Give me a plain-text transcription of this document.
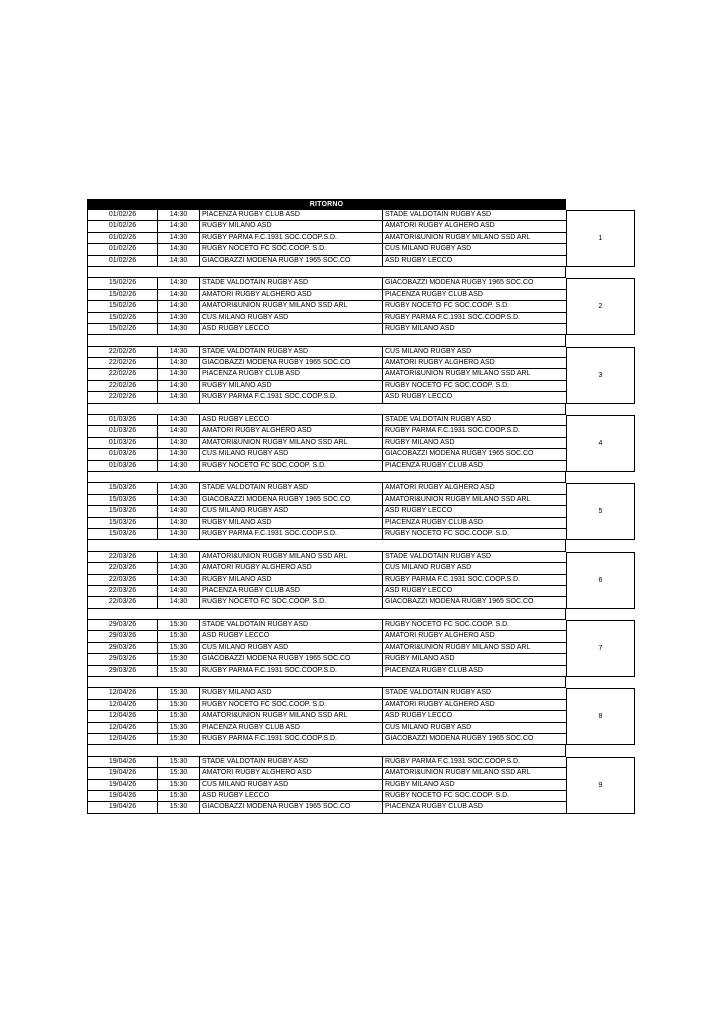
RITORNO
01/02/26	14:30	PIACENZA RUGBY CLUB ASD	STADE VALDOTAIN RUGBY ASD
01/02/26	14:30	RUGBY MILANO ASD	AMATORI RUGBY ALGHERO ASD
01/02/26	14:30	RUGBY PARMA F.C.1931 SOC.COOP.S.D.	AMATORI&UNION RUGBY MILANO SSD ARL
01/02/26	14:30	RUGBY NOCETO FC SOC.COOP. S.D.	CUS MILANO RUGBY ASD
01/02/26	14:30	GIACOBAZZI MODENA RUGBY 1965 SOC.CO	ASD RUGBY LECCO
1
15/02/26	14:30	STADE VALDOTAIN RUGBY ASD	GIACOBAZZI MODENA RUGBY 1965 SOC.CO
15/02/26	14:30	AMATORI RUGBY ALGHERO ASD	PIACENZA RUGBY CLUB ASD
15/02/26	14:30	AMATORI&UNION RUGBY MILANO SSD ARL	RUGBY NOCETO FC SOC.COOP. S.D.
15/02/26	14:30	CUS MILANO RUGBY ASD	RUGBY PARMA F.C.1931 SOC.COOP.S.D.
15/02/26	14:30	ASD RUGBY LECCO	RUGBY MILANO ASD
2
22/02/26	14:30	STADE VALDOTAIN RUGBY ASD	CUS MILANO RUGBY ASD
22/02/26	14:30	GIACOBAZZI MODENA RUGBY 1965 SOC.CO	AMATORI RUGBY ALGHERO ASD
22/02/26	14:30	PIACENZA RUGBY CLUB ASD	AMATORI&UNION RUGBY MILANO SSD ARL
22/02/26	14:30	RUGBY MILANO ASD	RUGBY NOCETO FC SOC.COOP. S.D.
22/02/26	14:30	RUGBY PARMA F.C.1931 SOC.COOP.S.D.	ASD RUGBY LECCO
3
01/03/26	14:30	ASD RUGBY LECCO	STADE VALDOTAIN RUGBY ASD
01/03/26	14:30	AMATORI RUGBY ALGHERO ASD	RUGBY PARMA F.C.1931 SOC.COOP.S.D.
01/03/26	14:30	AMATORI&UNION RUGBY MILANO SSD ARL	RUGBY MILANO ASD
01/03/26	14:30	CUS MILANO RUGBY ASD	GIACOBAZZI MODENA RUGBY 1965 SOC.CO
01/03/26	14:30	RUGBY NOCETO FC SOC.COOP. S.D.	PIACENZA RUGBY CLUB ASD
4
15/03/26	14:30	STADE VALDOTAIN RUGBY ASD	AMATORI RUGBY ALGHERO ASD
15/03/26	14:30	GIACOBAZZI MODENA RUGBY 1965 SOC.CO	AMATORI&UNION RUGBY MILANO SSD ARL
15/03/26	14:30	CUS MILANO RUGBY ASD	ASD RUGBY LECCO
15/03/26	14:30	RUGBY MILANO ASD	PIACENZA RUGBY CLUB ASD
15/03/26	14:30	RUGBY PARMA F.C.1931 SOC.COOP.S.D.	RUGBY NOCETO FC SOC.COOP. S.D.
5
22/03/26	14:30	AMATORI&UNION RUGBY MILANO SSD ARL	STADE VALDOTAIN RUGBY ASD
22/03/26	14:30	AMATORI RUGBY ALGHERO ASD	CUS MILANO RUGBY ASD
22/03/26	14:30	RUGBY MILANO ASD	RUGBY PARMA F.C.1931 SOC.COOP.S.D.
22/03/26	14:30	PIACENZA RUGBY CLUB ASD	ASD RUGBY LECCO
22/03/26	14:30	RUGBY NOCETO FC SOC.COOP. S.D.	GIACOBAZZI MODENA RUGBY 1965 SOC.CO
6
29/03/26	15:30	STADE VALDOTAIN RUGBY ASD	RUGBY NOCETO FC SOC.COOP. S.D.
29/03/26	15:30	ASD RUGBY LECCO	AMATORI RUGBY ALGHERO ASD
29/03/26	15:30	CUS MILANO RUGBY ASD	AMATORI&UNION RUGBY MILANO SSD ARL
29/03/26	15:30	GIACOBAZZI MODENA RUGBY 1965 SOC.CO	RUGBY MILANO ASD
29/03/26	15:30	RUGBY PARMA F.C.1931 SOC.COOP.S.D.	PIACENZA RUGBY CLUB ASD
7
12/04/26	15:30	RUGBY MILANO ASD	STADE VALDOTAIN RUGBY ASD
12/04/26	15:30	RUGBY NOCETO FC SOC.COOP. S.D.	AMATORI RUGBY ALGHERO ASD
12/04/26	15:30	AMATORI&UNION RUGBY MILANO SSD ARL	ASD RUGBY LECCO
12/04/26	15:30	PIACENZA RUGBY CLUB ASD	CUS MILANO RUGBY ASD
12/04/26	15:30	RUGBY PARMA F.C.1931 SOC.COOP.S.D.	GIACOBAZZI MODENA RUGBY 1965 SOC.CO
8
19/04/26	15:30	STADE VALDOTAIN RUGBY ASD	RUGBY PARMA F.C.1931 SOC.COOP.S.D.
19/04/26	15:30	AMATORI RUGBY ALGHERO ASD	AMATORI&UNION RUGBY MILANO SSD ARL
19/04/26	15:30	CUS MILANO RUGBY ASD	RUGBY MILANO ASD
19/04/26	15:30	ASD RUGBY LECCO	RUGBY NOCETO FC SOC.COOP. S.D.
19/04/26	15:30	GIACOBAZZI MODENA RUGBY 1965 SOC.CO	PIACENZA RUGBY CLUB ASD
9
